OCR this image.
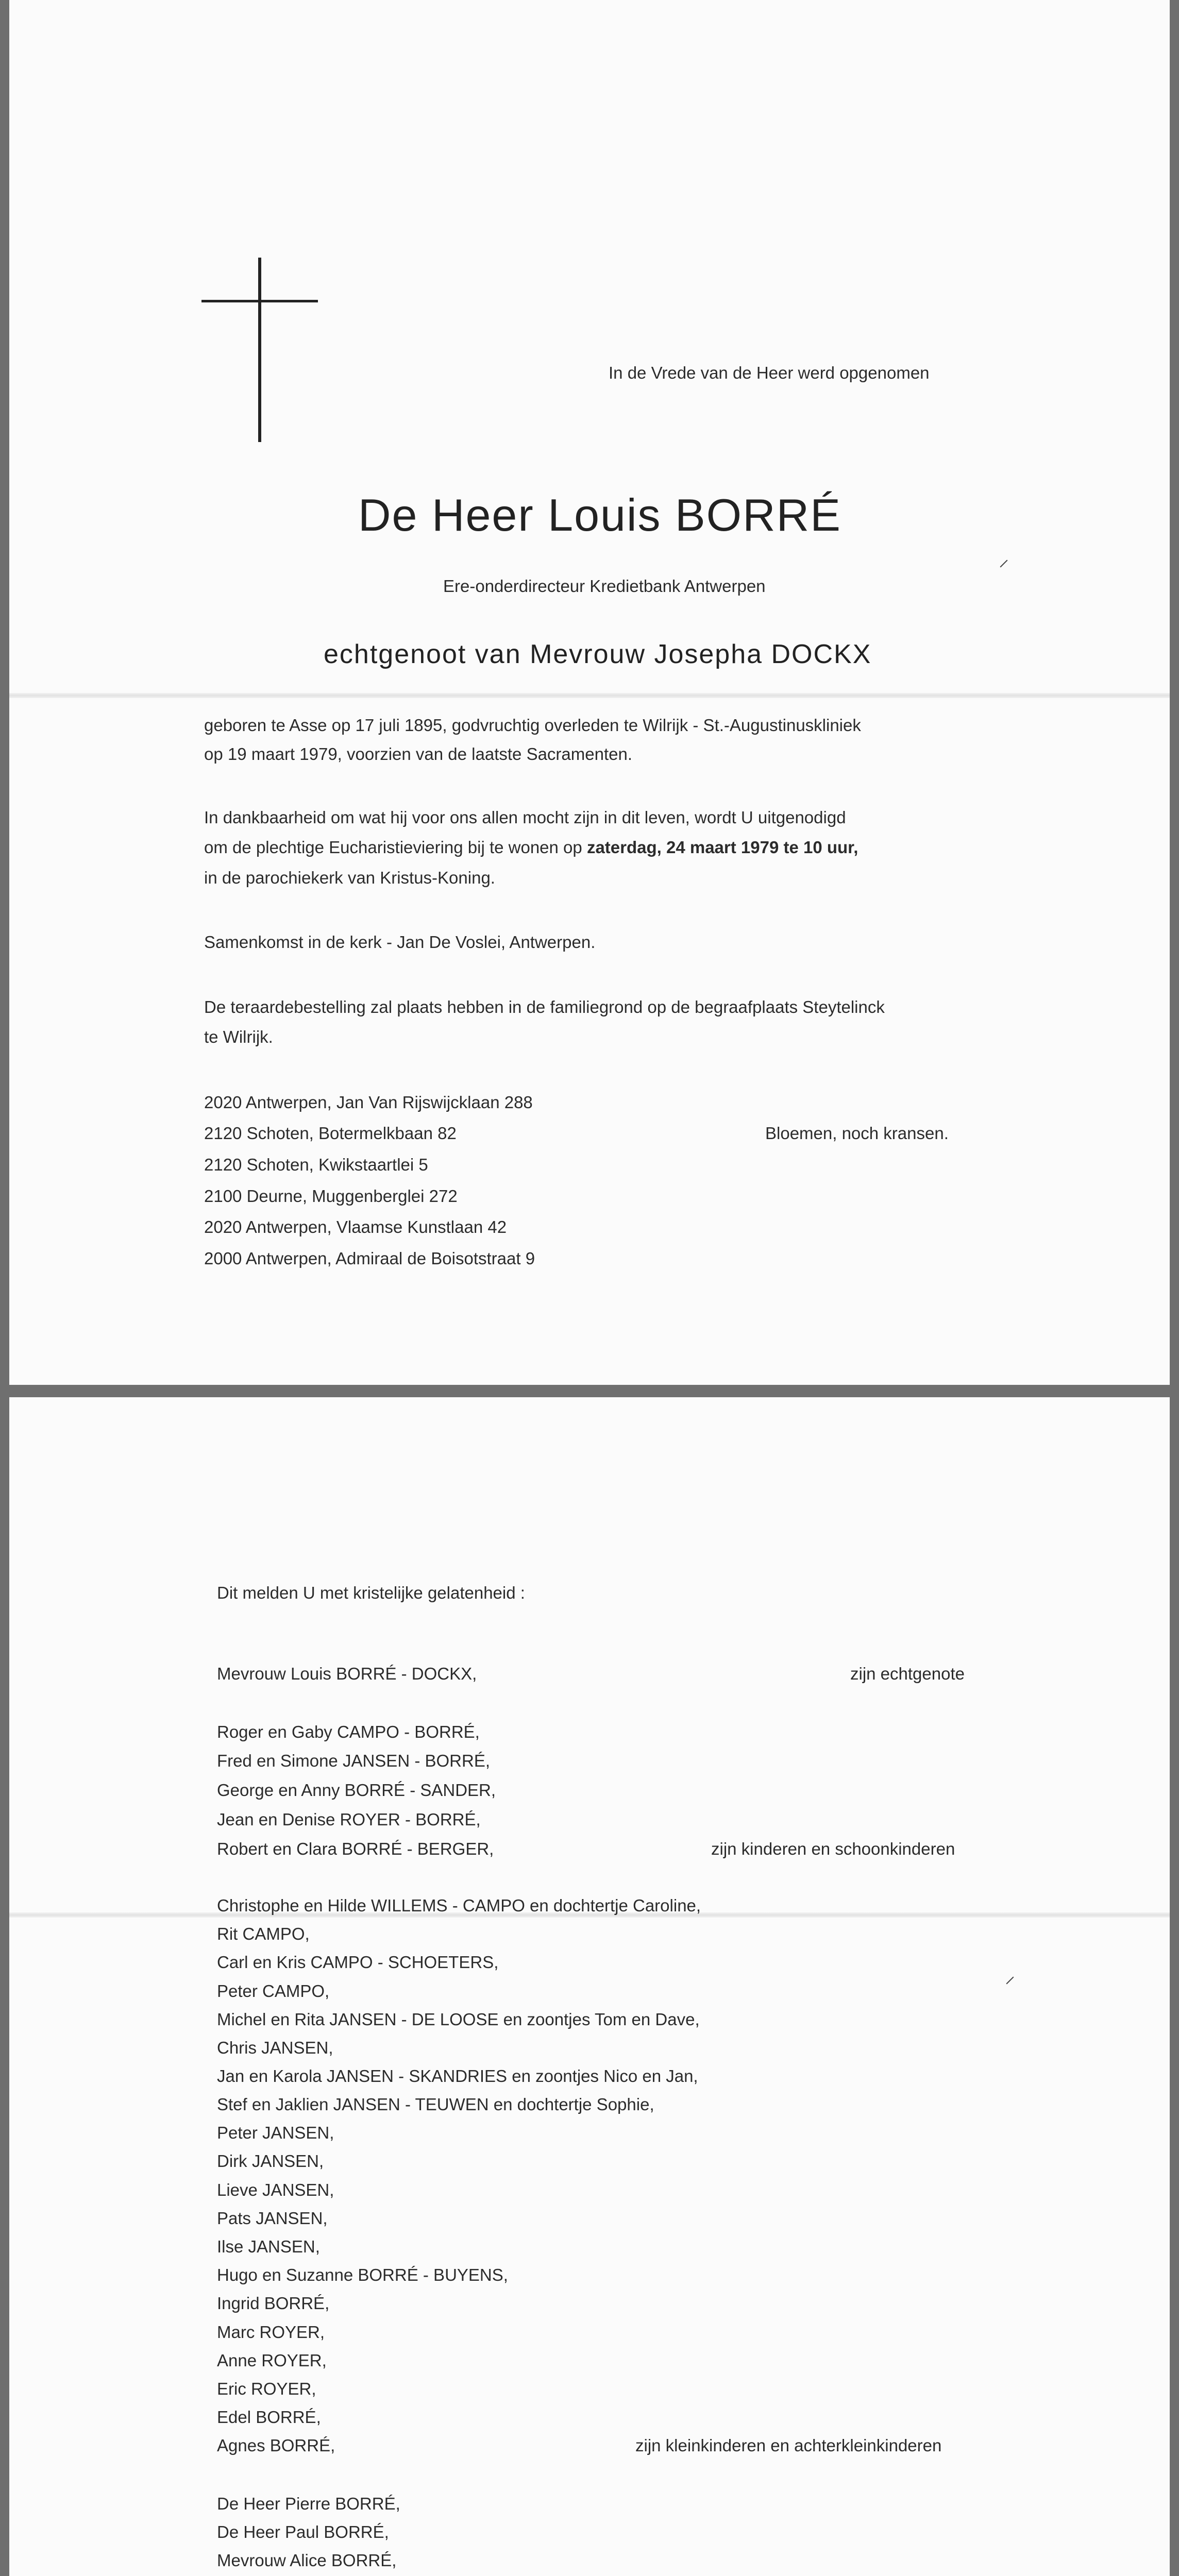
In de Vrede van de Heer werd opgenomen
De Heer Louis BORRÉ
Ere-onderdirecteur Kredietbank Antwerpen
echtgenoot van Mevrouw Josepha DOCKX
⸍
geboren te Asse op 17 juli 1895, godvruchtig overleden te Wilrijk - St.-Augustinuskliniek
op 19 maart 1979, voorzien van de laatste Sacramenten.
In dankbaarheid om wat hij voor ons allen mocht zijn in dit leven, wordt U uitgenodigd
om de plechtige Eucharistieviering bij te wonen op zaterdag, 24 maart 1979 te 10 uur,
in de parochiekerk van Kristus-Koning.
Samenkomst in de kerk - Jan De Voslei, Antwerpen.
De teraardebestelling zal plaats hebben in de familiegrond op de begraafplaats Steytelinck
te Wilrijk.
2020 Antwerpen, Jan Van Rijswijcklaan 288
2120 Schoten, Botermelkbaan 82
2120 Schoten, Kwikstaartlei 5
2100 Deurne, Muggenberglei 272
2020 Antwerpen, Vlaamse Kunstlaan 42
2000 Antwerpen, Admiraal de Boisotstraat 9
Bloemen, noch kransen.
Dit melden U met kristelijke gelatenheid :
Mevrouw Louis BORRÉ - DOCKX,	zijn echtgenote
Roger en Gaby CAMPO - BORRÉ,
Fred en Simone JANSEN - BORRÉ,
George en Anny BORRÉ - SANDER,
Jean en Denise ROYER - BORRÉ,
Robert en Clara BORRÉ - BERGER,	zijn kinderen en schoonkinderen
Christophe en Hilde WILLEMS - CAMPO en dochtertje Caroline,
Rit CAMPO,
Carl en Kris CAMPO - SCHOETERS,
Peter CAMPO,
Michel en Rita JANSEN - DE LOOSE en zoontjes Tom en Dave,
Chris JANSEN,
Jan en Karola JANSEN - SKANDRIES en zoontjes Nico en Jan,
Stef en Jaklien JANSEN - TEUWEN en dochtertje Sophie,
Peter JANSEN,
Dirk JANSEN,
Lieve JANSEN,
Pats JANSEN,
Ilse JANSEN,
Hugo en Suzanne BORRÉ - BUYENS,
Ingrid BORRÉ,
Marc ROYER,
Anne ROYER,
Eric ROYER,
Edel BORRÉ,
Agnes BORRÉ,	zijn kleinkinderen en achterkleinkinderen
⸍
De Heer Pierre BORRÉ,
De Heer Paul BORRÉ,
Mevrouw Alice BORRÉ,
